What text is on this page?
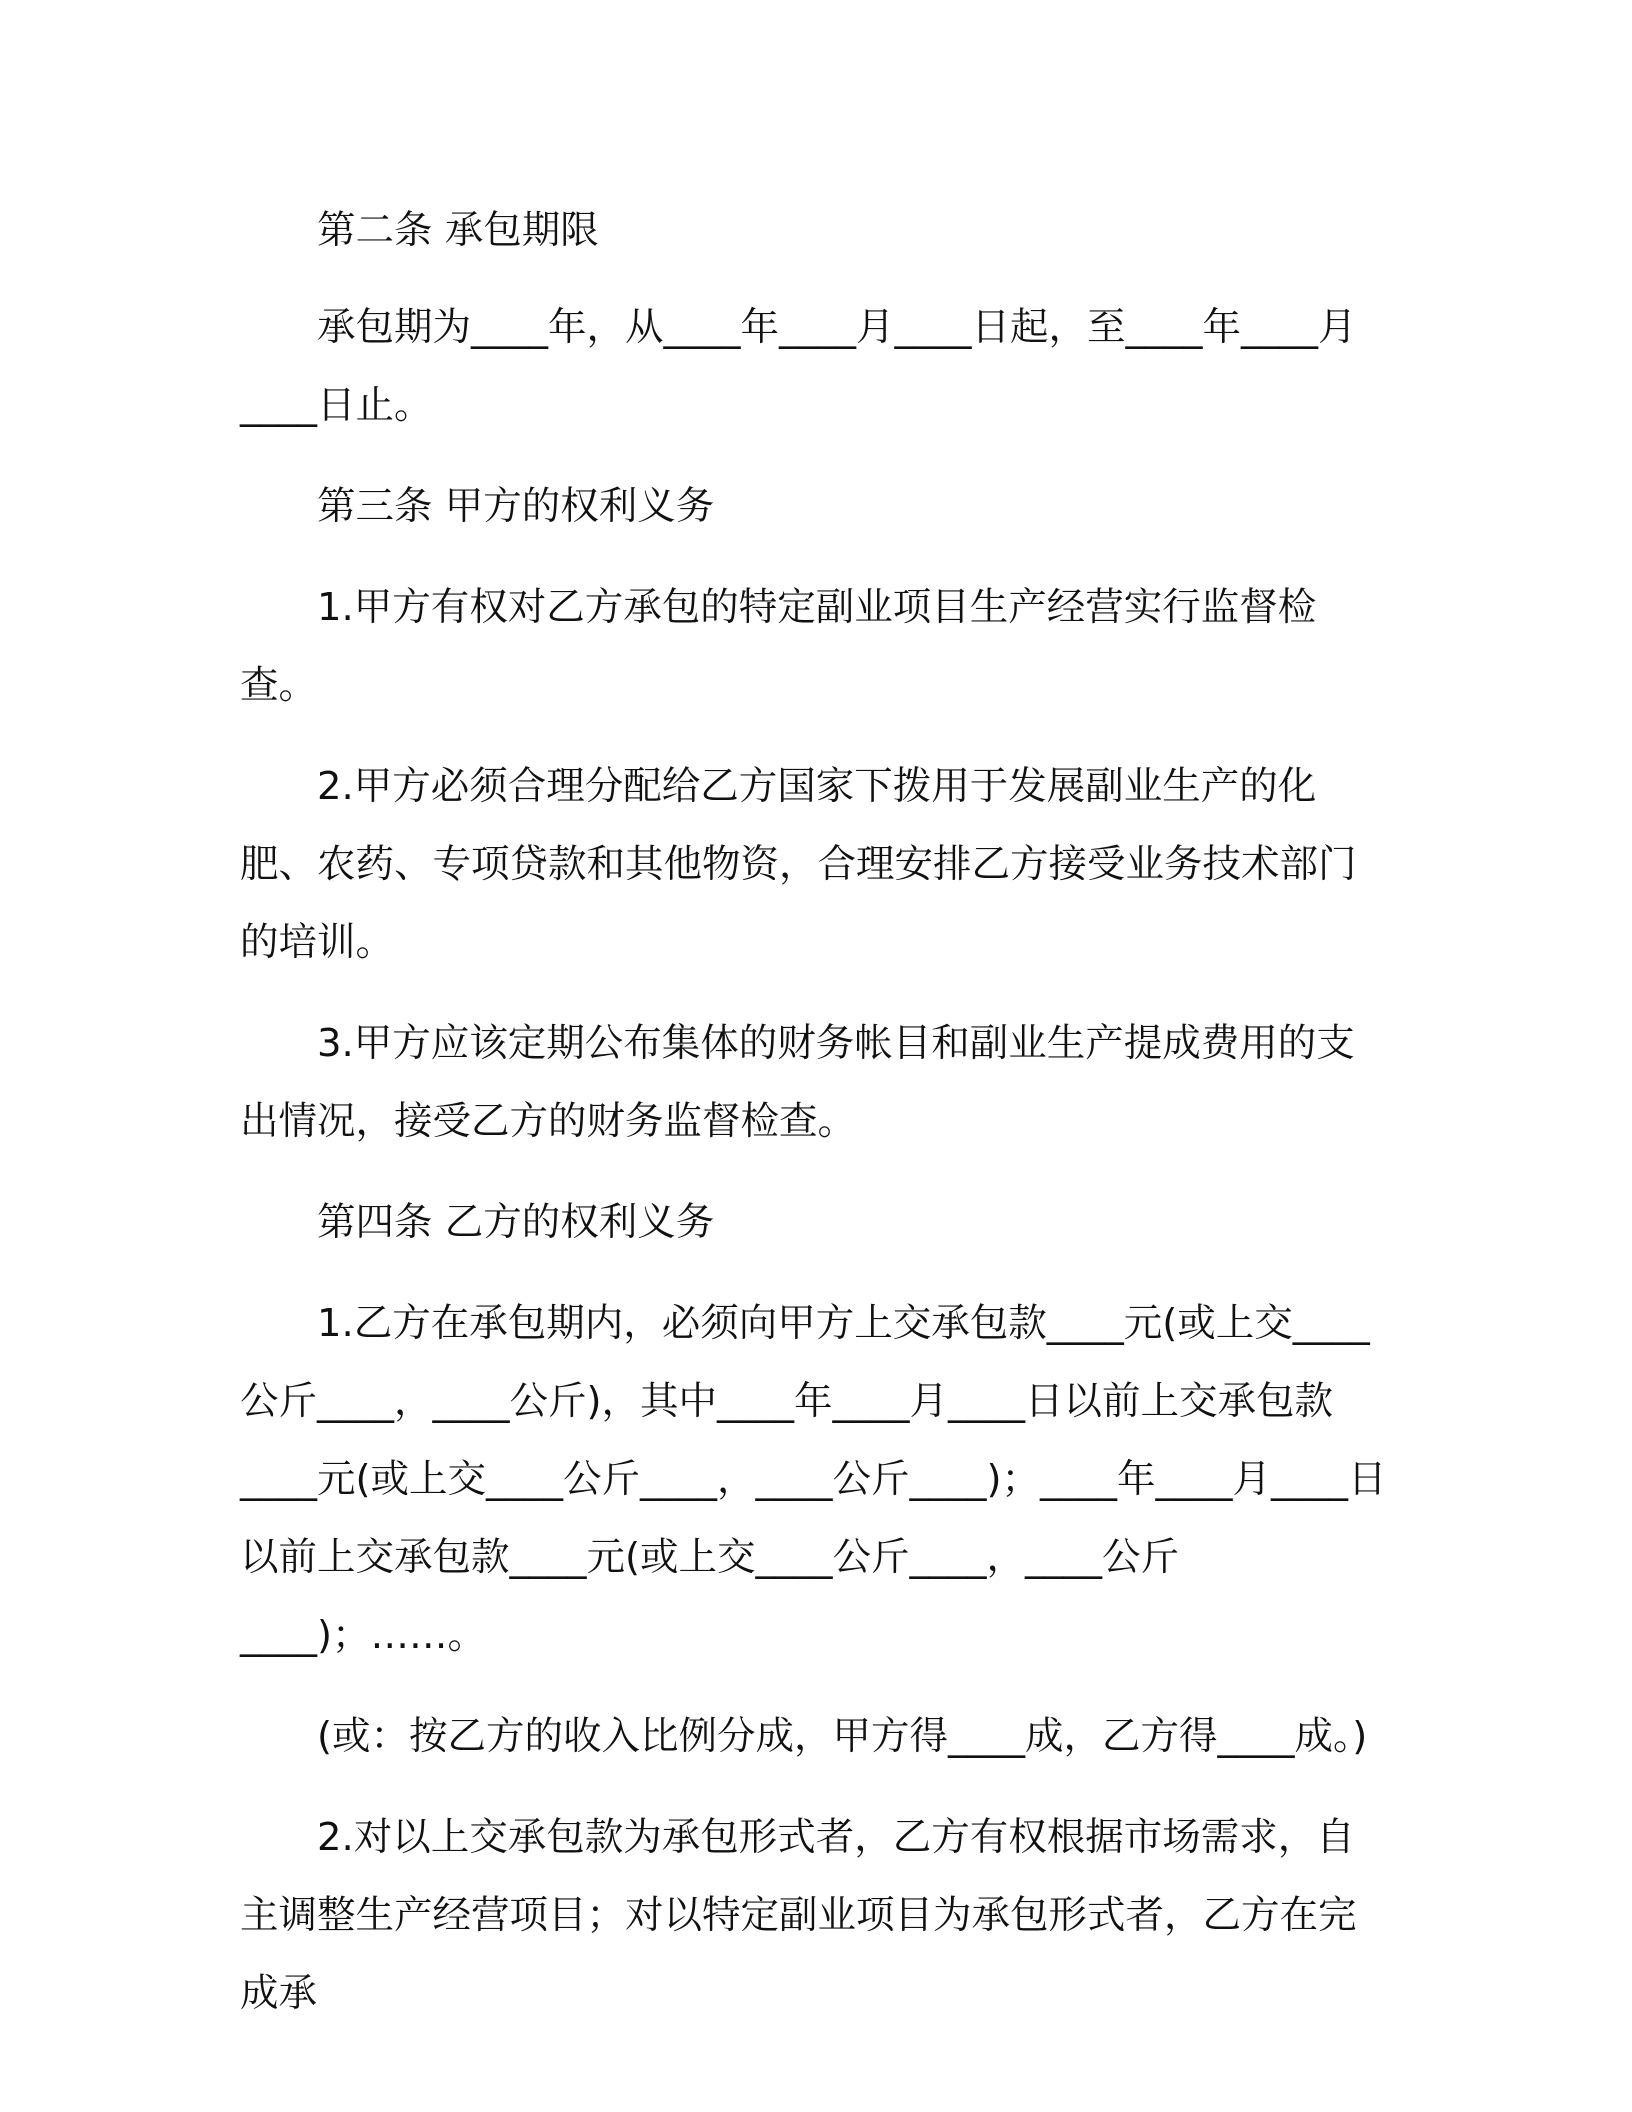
第二条 承包期限

承包期为____年，从____年____月____日起，至____年____月____日止。

第三条 甲方的权利义务

1.甲方有权对乙方承包的特定副业项目生产经营实行监督检查。

2.甲方必须合理分配给乙方国家下拨用于发展副业生产的化肥、农药、专项贷款和其他物资，合理安排乙方接受业务技术部门的培训。

3.甲方应该定期公布集体的财务帐目和副业生产提成费用的支出情况，接受乙方的财务监督检查。

第四条 乙方的权利义务

1.乙方在承包期内，必须向甲方上交承包款____元(或上交____公斤____，____公斤)，其中____年____月____日以前上交承包款____元(或上交____公斤____，____公斤____)；____年____月____日以前上交承包款____元(或上交____公斤____，____公斤____)；……。

(或：按乙方的收入比例分成，甲方得____成，乙方得____成。)

2.对以上交承包款为承包形式者，乙方有权根据市场需求，自主调整生产经营项目；对以特定副业项目为承包形式者，乙方在完成承
